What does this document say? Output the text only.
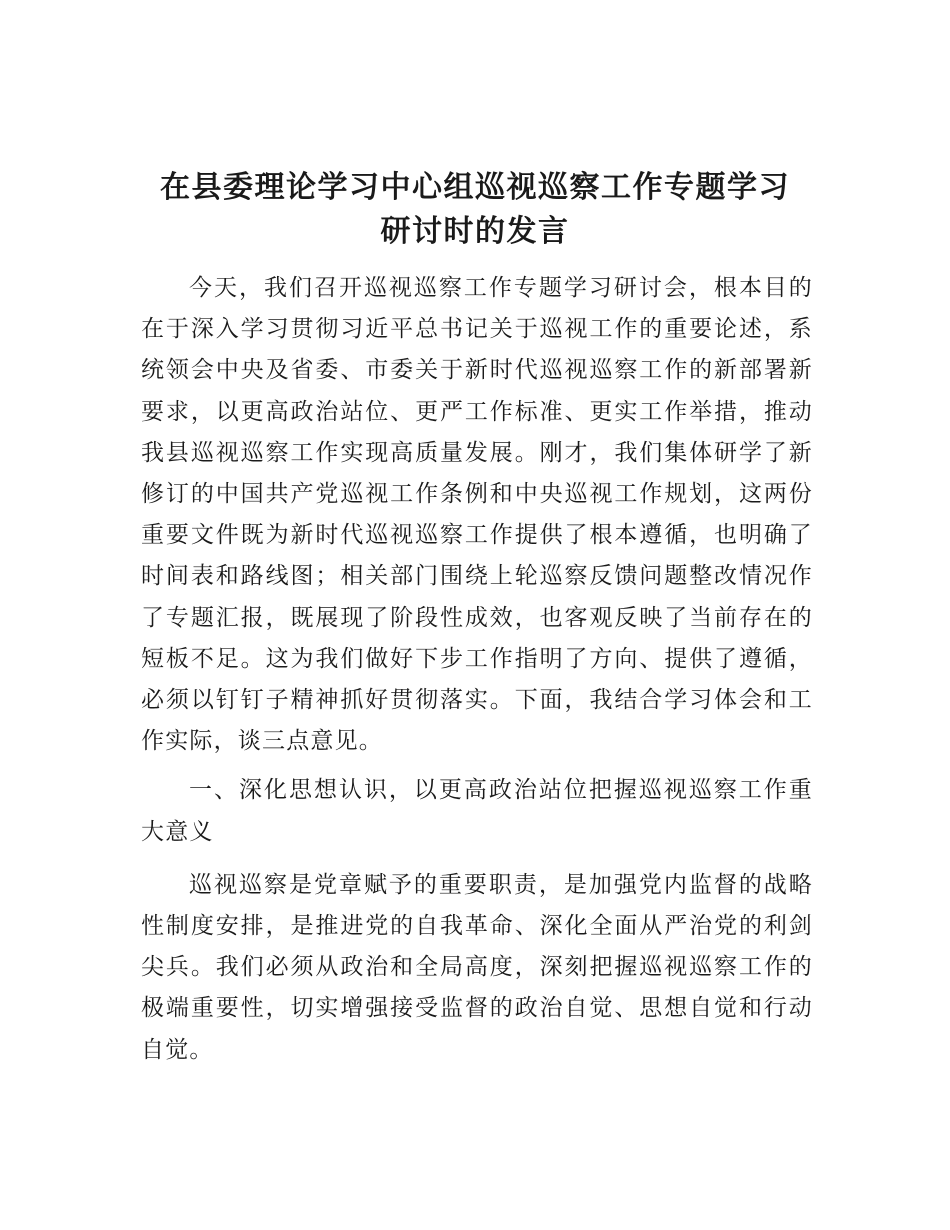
在县委理论学习中心组巡视巡察工作专题学习
研讨时的发言

今天，我们召开巡视巡察工作专题学习研讨会，根本目的在于深入学习贯彻习近平总书记关于巡视工作的重要论述，系统领会中央及省委、市委关于新时代巡视巡察工作的新部署新要求，以更高政治站位、更严工作标准、更实工作举措，推动我县巡视巡察工作实现高质量发展。刚才，我们集体研学了新修订的中国共产党巡视工作条例和中央巡视工作规划，这两份重要文件既为新时代巡视巡察工作提供了根本遵循，也明确了时间表和路线图；相关部门围绕上轮巡察反馈问题整改情况作了专题汇报，既展现了阶段性成效，也客观反映了当前存在的短板不足。这为我们做好下步工作指明了方向、提供了遵循，必须以钉钉子精神抓好贯彻落实。下面，我结合学习体会和工作实际，谈三点意见。

一、深化思想认识，以更高政治站位把握巡视巡察工作重大意义

巡视巡察是党章赋予的重要职责，是加强党内监督的战略性制度安排，是推进党的自我革命、深化全面从严治党的利剑尖兵。我们必须从政治和全局高度，深刻把握巡视巡察工作的极端重要性，切实增强接受监督的政治自觉、思想自觉和行动自觉。
